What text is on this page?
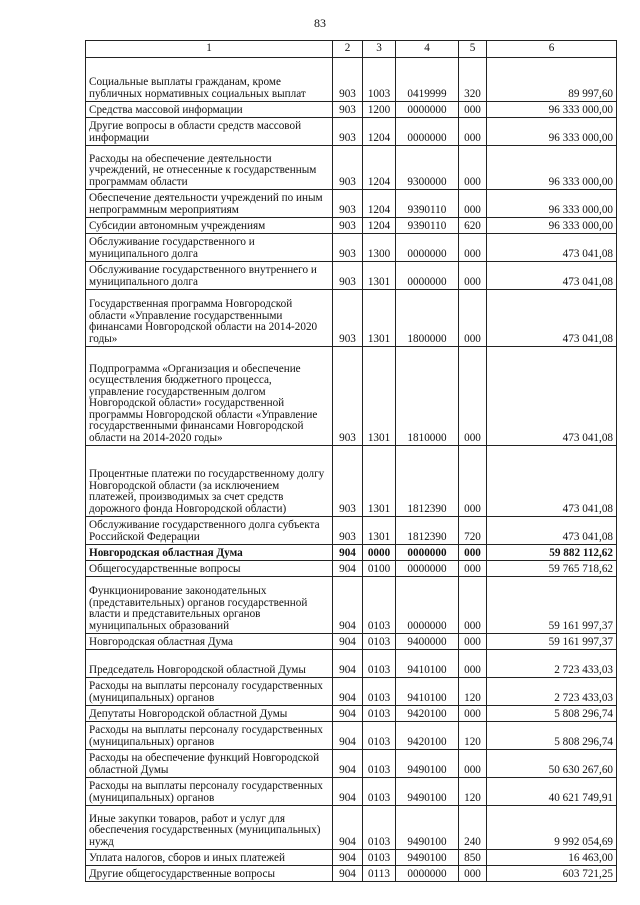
83
1	2	3	4	5	6
Социальные выплаты гражданам, кроме публичных нормативных социальных выплат	903	1003	0419999	320	89 997,60
Средства массовой информации	903	1200	0000000	000	96 333 000,00
Другие вопросы в области средств массовой информации	903	1204	0000000	000	96 333 000,00
Расходы на обеспечение деятельности учреждений, не отнесенные к государственным программам области	903	1204	9300000	000	96 333 000,00
Обеспечение деятельности учреждений по иным непрограммным мероприятиям	903	1204	9390110	000	96 333 000,00
Субсидии автономным учреждениям	903	1204	9390110	620	96 333 000,00
Обслуживание государственного и муниципального долга	903	1300	0000000	000	473 041,08
Обслуживание государственного внутреннего и муниципального долга	903	1301	0000000	000	473 041,08
Государственная программа Новгородской области «Управление государственными финансами Новгородской области на 2014-2020 годы»	903	1301	1800000	000	473 041,08
Подпрограмма «Организация и обеспечение осуществления бюджетного процесса, управление государственным долгом Новгородской области» государственной программы Новгородской области «Управление государственными финансами Новгородской области на 2014-2020 годы»	903	1301	1810000	000	473 041,08
Процентные платежи по государственному долгу Новгородской области (за исключением платежей, производимых за счет средств дорожного фонда Новгородской области)	903	1301	1812390	000	473 041,08
Обслуживание государственного долга субъекта Российской Федерации	903	1301	1812390	720	473 041,08
Новгородская областная Дума	904	0000	0000000	000	59 882 112,62
Общегосударственные вопросы	904	0100	0000000	000	59 765 718,62
Функционирование законодательных (представительных) органов государственной власти и представительных органов муниципальных образований	904	0103	0000000	000	59 161 997,37
Новгородская областная Дума	904	0103	9400000	000	59 161 997,37
Председатель Новгородской областной Думы	904	0103	9410100	000	2 723 433,03
Расходы на выплаты персоналу государственных (муниципальных) органов	904	0103	9410100	120	2 723 433,03
Депутаты Новгородской областной Думы	904	0103	9420100	000	5 808 296,74
Расходы на выплаты персоналу государственных (муниципальных) органов	904	0103	9420100	120	5 808 296,74
Расходы на обеспечение функций Новгородской областной Думы	904	0103	9490100	000	50 630 267,60
Расходы на выплаты персоналу государственных (муниципальных) органов	904	0103	9490100	120	40 621 749,91
Иные закупки товаров, работ и услуг для обеспечения государственных (муниципальных) нужд	904	0103	9490100	240	9 992 054,69
Уплата налогов, сборов и иных платежей	904	0103	9490100	850	16 463,00
Другие общегосударственные вопросы	904	0113	0000000	000	603 721,25
